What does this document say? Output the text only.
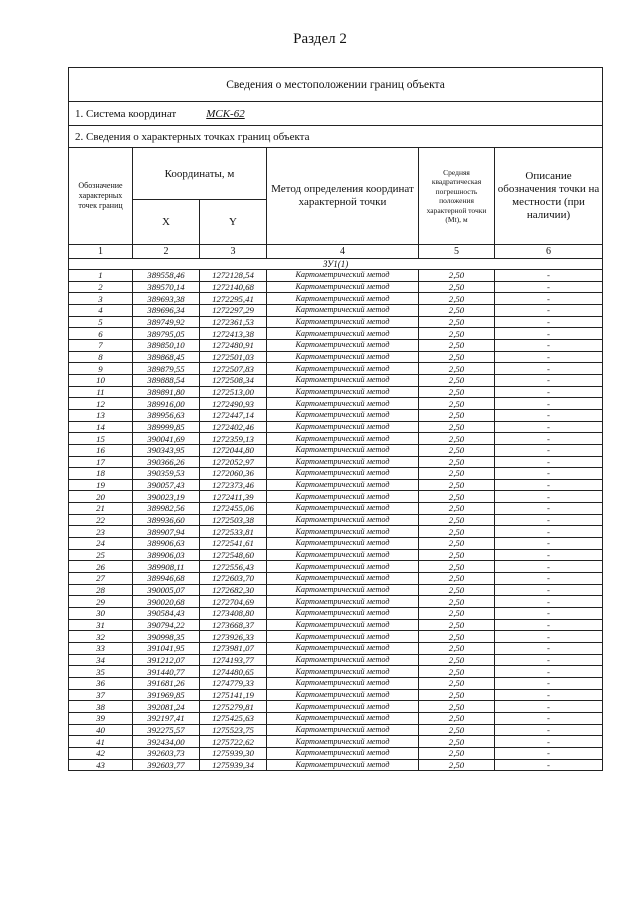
Раздел 2
Сведения о местоположении границ объекта					
1. Система координат МСК-62					
2. Сведения о характерных точках границ объекта					
Обозначение характерных точек границ	Координаты, м		Метод определения координат характерной точки	Средняя квадратическая погрешность положения характерной точки (Mt), м	Описание обозначения точки на местности (при наличии)
	X	Y			
1	2	3	4	5	6
ЗУ1(1)					
1	389558,46	1272128,54	Картометрический метод	2,50	-
2	389570,14	1272140,68	Картометрический метод	2,50	-
3	389693,38	1272295,41	Картометрический метод	2,50	-
4	389696,34	1272297,29	Картометрический метод	2,50	-
5	389749,92	1272361,53	Картометрический метод	2,50	-
6	389795,05	1272413,38	Картометрический метод	2,50	-
7	389850,10	1272480,91	Картометрический метод	2,50	-
8	389868,45	1272501,03	Картометрический метод	2,50	-
9	389879,55	1272507,83	Картометрический метод	2,50	-
10	389888,54	1272508,34	Картометрический метод	2,50	-
11	389891,80	1272513,00	Картометрический метод	2,50	-
12	389916,00	1272490,93	Картометрический метод	2,50	-
13	389956,63	1272447,14	Картометрический метод	2,50	-
14	389999,85	1272402,46	Картометрический метод	2,50	-
15	390041,69	1272359,13	Картометрический метод	2,50	-
16	390343,95	1272044,80	Картометрический метод	2,50	-
17	390366,26	1272052,97	Картометрический метод	2,50	-
18	390359,53	1272060,36	Картометрический метод	2,50	-
19	390057,43	1272373,46	Картометрический метод	2,50	-
20	390023,19	1272411,39	Картометрический метод	2,50	-
21	389982,56	1272455,06	Картометрический метод	2,50	-
22	389936,60	1272503,38	Картометрический метод	2,50	-
23	389907,94	1272533,81	Картометрический метод	2,50	-
24	389906,63	1272541,61	Картометрический метод	2,50	-
25	389906,03	1272548,60	Картометрический метод	2,50	-
26	389908,11	1272556,43	Картометрический метод	2,50	-
27	389946,68	1272603,70	Картометрический метод	2,50	-
28	390005,07	1272682,30	Картометрический метод	2,50	-
29	390020,68	1272704,69	Картометрический метод	2,50	-
30	390584,43	1273408,80	Картометрический метод	2,50	-
31	390794,22	1273668,37	Картометрический метод	2,50	-
32	390998,35	1273926,33	Картометрический метод	2,50	-
33	391041,95	1273981,07	Картометрический метод	2,50	-
34	391212,07	1274193,77	Картометрический метод	2,50	-
35	391440,77	1274480,65	Картометрический метод	2,50	-
36	391681,26	1274779,33	Картометрический метод	2,50	-
37	391969,85	1275141,19	Картометрический метод	2,50	-
38	392081,24	1275279,81	Картометрический метод	2,50	-
39	392197,41	1275425,63	Картометрический метод	2,50	-
40	392275,57	1275523,75	Картометрический метод	2,50	-
41	392434,00	1275722,62	Картометрический метод	2,50	-
42	392603,73	1275939,30	Картометрический метод	2,50	-
43	392603,77	1275939,34	Картометрический метод	2,50	-
